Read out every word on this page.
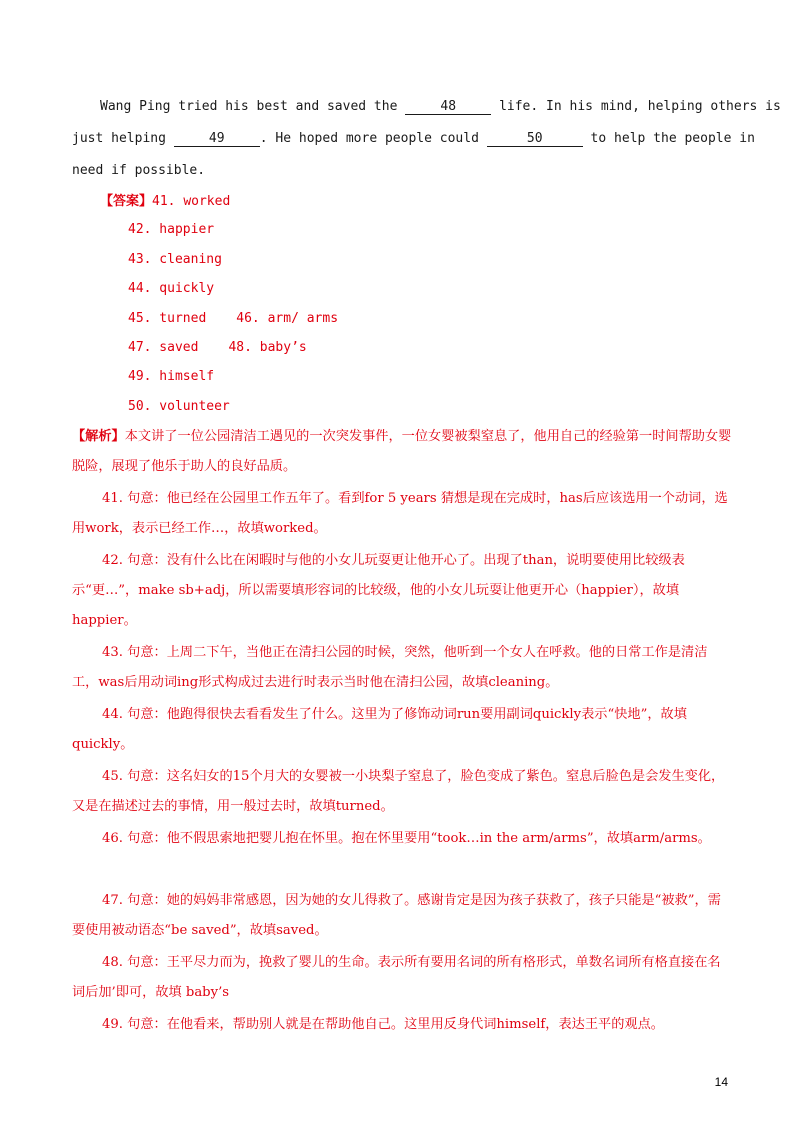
Wang Ping tried his best and saved the	48	life. In his mind, helping others is
just helping	49	. He hoped more people could	50	to help the people in
need if possible.
【答案】41. worked
42. happier
43. cleaning
44. quickly
45. turned 46. arm/ arms
47. saved 48. baby’s
49. himself
50. volunteer
【解析】本文讲了一位公园清洁工遇见的一次突发事件，一位女婴被梨窒息了，他用自己的经验第一时间帮助女婴脱险，展现了他乐于助人的良好品质。
41. 句意：他已经在公园里工作五年了。看到for 5 years 猜想是现在完成时，has后应该选用一个动词，选用work，表示已经工作…，故填worked。
42. 句意：没有什么比在闲暇时与他的小女儿玩耍更让他开心了。出现了than，说明要使用比较级表示“更…”，make sb+adj，所以需要填形容词的比较级，他的小女儿玩耍让他更开心（happier），故填happier。
43. 句意：上周二下午，当他正在清扫公园的时候，突然，他听到一个女人在呼救。他的日常工作是清洁工，was后用动词ing形式构成过去进行时表示当时他在清扫公园，故填cleaning。
44. 句意：他跑得很快去看看发生了什么。这里为了修饰动词run要用副词quickly表示“快地”，故填quickly。
45. 句意：这名妇女的15个月大的女婴被一小块梨子窒息了，脸色变成了紫色。窒息后脸色是会发生变化，又是在描述过去的事情，用一般过去时，故填turned。
46. 句意：他不假思索地把婴儿抱在怀里。抱在怀里要用“took…in the arm/arms”，故填arm/arms。
47. 句意：她的妈妈非常感恩，因为她的女儿得救了。感谢肯定是因为孩子获救了，孩子只能是“被救”，需要使用被动语态“be saved”，故填saved。
48. 句意：王平尽力而为，挽救了婴儿的生命。表示所有要用名词的所有格形式，单数名词所有格直接在名词后加’即可，故填 baby’s
49. 句意：在他看来，帮助别人就是在帮助他自己。这里用反身代词himself，表达王平的观点。
14
